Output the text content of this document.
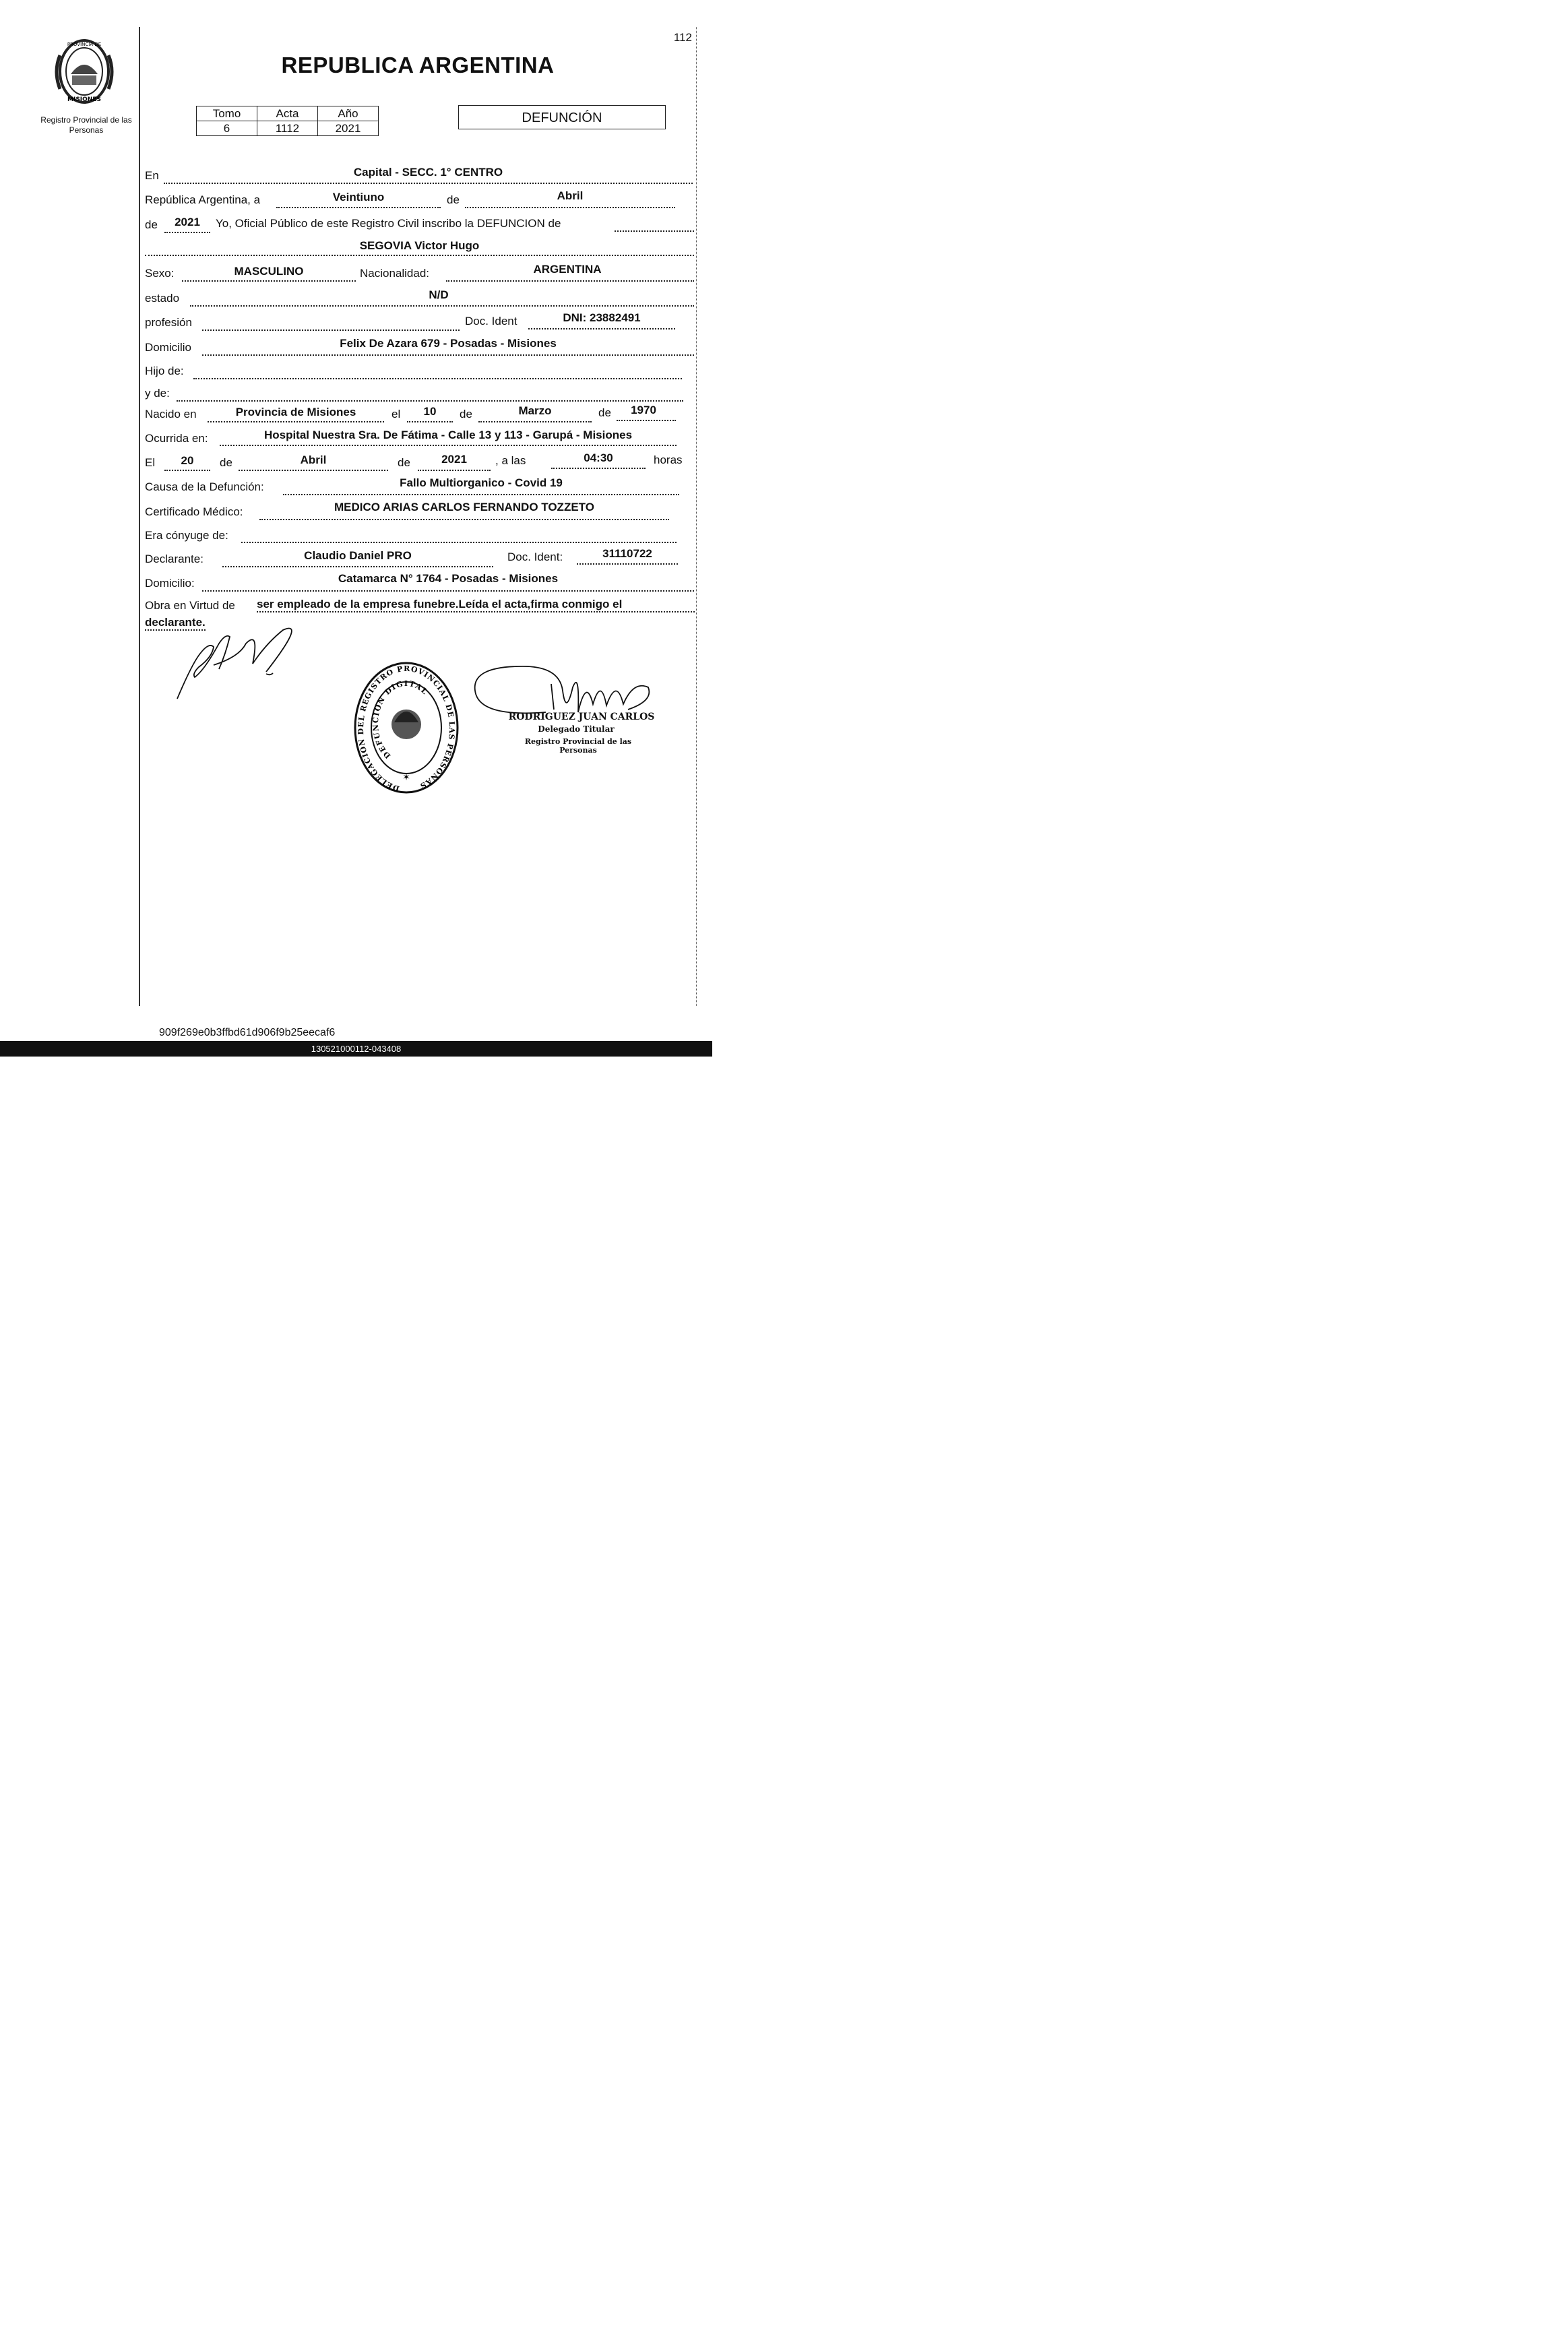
112
MISIONES
PROVINCIA DE
Registro Provincial de las Personas
REPUBLICA ARGENTINA
Tomo	Acta	Año
6	1112	2021
DEFUNCIÓN
En	Capital - SECC. 1° CENTRO
República Argentina, a	Veintiuno	de	Abril
de	2021	Yo, Oficial Público de este Registro Civil inscribo la DEFUNCION de
SEGOVIA Victor Hugo
Sexo:	MASCULINO	Nacionalidad:	ARGENTINA
estado	N/D
profesión	Doc. Ident	DNI: 23882491
Domicilio	Felix De Azara 679 - Posadas - Misiones
Hijo de:
y de:
Nacido en	Provincia de Misiones	el	10	de	Marzo	de	1970
Ocurrida en:	Hospital Nuestra Sra. De Fátima - Calle 13 y 113 - Garupá - Misiones
El	20	de	Abril	de	2021	, a las	04:30	horas
Causa de la Defunción:	Fallo Multiorganico - Covid 19
Certificado Médico:	MEDICO ARIAS CARLOS FERNANDO TOZZETO
Era cónyuge de:
Declarante:	Claudio Daniel PRO	Doc. Ident:	31110722
Domicilio:	Catamarca N° 1764 - Posadas - Misiones
Obra en Virtud de ser empleado de la empresa funebre.Leída el acta,firma conmigo el
declarante.
DELEGACION DEL REGISTRO PROVINCIAL DE LAS PERSONAS
DEFUNCION DIGITAL
✶
RODRIGUEZ JUAN CARLOS
Delegado Titular
Registro Provincial de las Personas
909f269e0b3ffbd61d906f9b25eecaf6
130521000112-043408
